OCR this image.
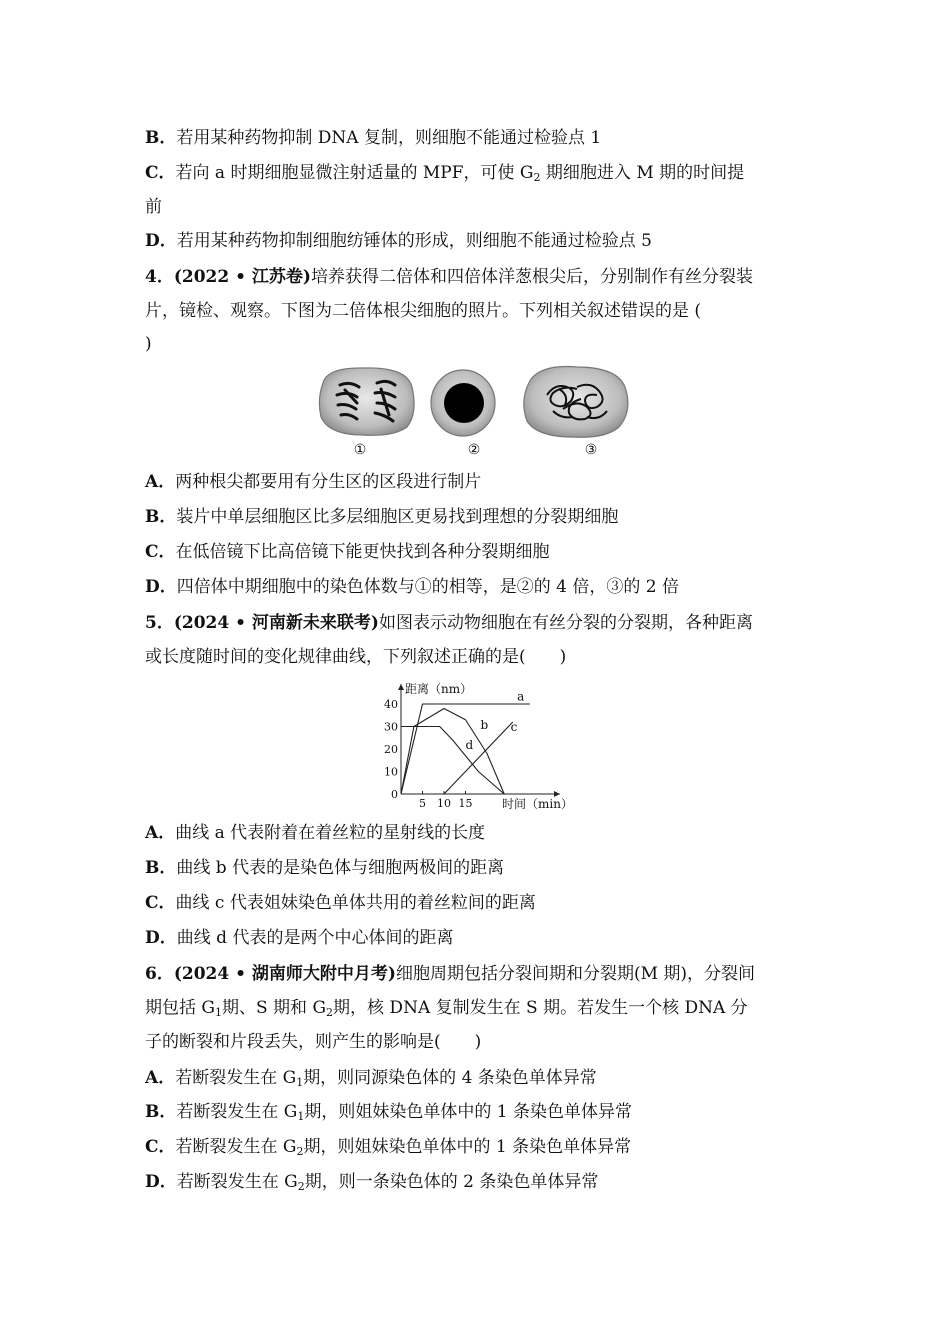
B．若用某种药物抑制 DNA 复制，则细胞不能通过检验点 1
C．若向 a 时期细胞显微注射适量的 MPF，可使 $G_2$ 期细胞进入 M 期的时间提
前
D．若用某种药物抑制细胞纺锤体的形成，则细胞不能通过检验点 5
4．(2022 • 江苏卷)培养获得二倍体和四倍体洋葱根尖后，分别制作有丝分裂装
片，镜检、观察。下图为二倍体根尖细胞的照片。下列相关叙述错误的是 (
)
①	②	③
A．两种根尖都要用有分生区的区段进行制片
B．装片中单层细胞区比多层细胞区更易找到理想的分裂期细胞
C．在低倍镜下比高倍镜下能更快找到各种分裂期细胞
D．四倍体中期细胞中的染色体数与①的相等，是②的 4 倍，③的 2 倍
5．(2024 • 河南新未来联考)如图表示动物细胞在有丝分裂的分裂期，各种距离
或长度随时间的变化规律曲线，下列叙述正确的是(　　)
0
10
20
30
40
5 10 15
距离（nm）
时间（min）
a
b c
d
A．曲线 a 代表附着在着丝粒的星射线的长度
B．曲线 b 代表的是染色体与细胞两极间的距离
C．曲线 c 代表姐妹染色单体共用的着丝粒间的距离
D．曲线 d 代表的是两个中心体间的距离
6．(2024 • 湖南师大附中月考)细胞周期包括分裂间期和分裂期(M 期)，分裂间
期包括 $G_1$期、S 期和 $G_2$期，核 DNA 复制发生在 S 期。若发生一个核 DNA 分
子的断裂和片段丢失，则产生的影响是(　　)
A．若断裂发生在 $G_1$期，则同源染色体的 4 条染色单体异常
B．若断裂发生在 $G_1$期，则姐妹染色单体中的 1 条染色单体异常
C．若断裂发生在 $G_2$期，则姐妹染色单体中的 1 条染色单体异常
D．若断裂发生在 $G_2$期，则一条染色体的 2 条染色单体异常
